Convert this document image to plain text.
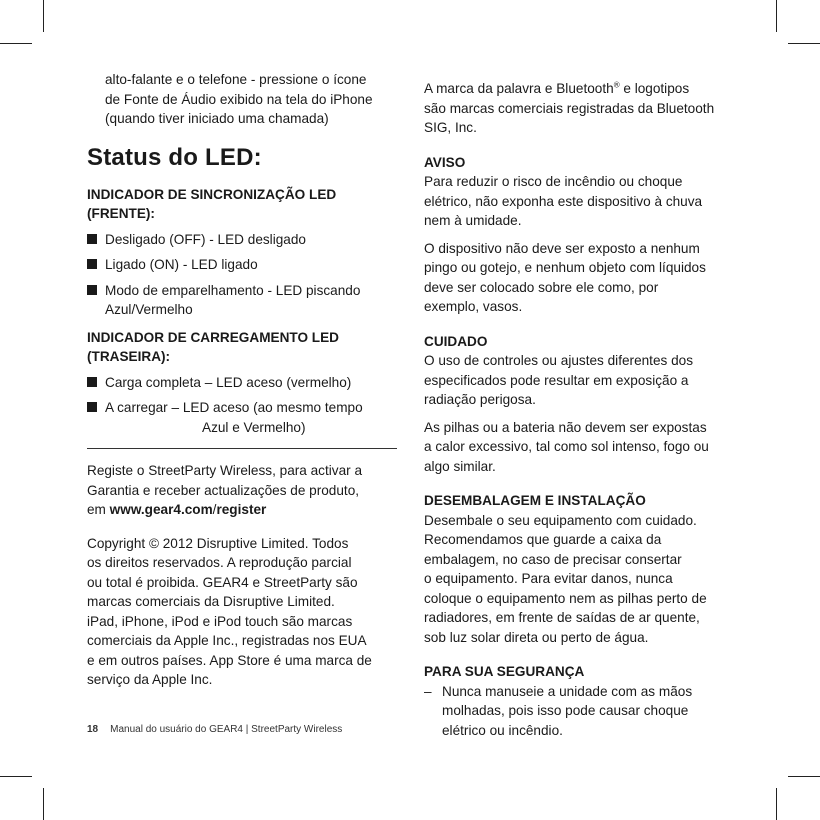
alto-falante e o telefone - pressione o ícone
de Fonte de Áudio exibido na tela do iPhone
(quando tiver iniciado uma chamada)
Status do LED:
INDICADOR DE SINCRONIZAÇÃO LED
(FRENTE):
Desligado (OFF) - LED desligado
Ligado (ON) - LED ligado
Modo de emparelhamento - LED piscando
Azul/Vermelho
INDICADOR DE CARREGAMENTO LED
(TRASEIRA):
Carga completa – LED aceso (vermelho)
A carregar – LED aceso (ao mesmo tempo
Azul e Vermelho)
Registe o StreetParty Wireless, para activar a
Garantia e receber actualizações de produto,
em www.gear4.com/register
Copyright © 2012 Disruptive Limited. Todos
os direitos reservados. A reprodução parcial
ou total é proibida. GEAR4 e StreetParty são
marcas comerciais da Disruptive Limited.
iPad, iPhone, iPod e iPod touch são marcas
comerciais da Apple Inc., registradas nos EUA
e em outros países. App Store é uma marca de
serviço da Apple Inc.
A marca da palavra e Bluetooth® e logotipos
são marcas comerciais registradas da Bluetooth
SIG, Inc.
AVISO
Para reduzir o risco de incêndio ou choque
elétrico, não exponha este dispositivo à chuva
nem à umidade.
O dispositivo não deve ser exposto a nenhum
pingo ou gotejo, e nenhum objeto com líquidos
deve ser colocado sobre ele como, por
exemplo, vasos.
CUIDADO
O uso de controles ou ajustes diferentes dos
especificados pode resultar em exposição a
radiação perigosa.
As pilhas ou a bateria não devem ser expostas
a calor excessivo, tal como sol intenso, fogo ou
algo similar.
DESEMBALAGEM E INSTALAÇÃO
Desembale o seu equipamento com cuidado.
Recomendamos que guarde a caixa da
embalagem, no caso de precisar consertar
o equipamento. Para evitar danos, nunca
coloque o equipamento nem as pilhas perto de
radiadores, em frente de saídas de ar quente,
sob luz solar direta ou perto de água.
PARA SUA SEGURANÇA
– Nunca manuseie a unidade com as mãos
molhadas, pois isso pode causar choque
elétrico ou incêndio.
18 Manual do usuário do GEAR4 | StreetParty Wireless
